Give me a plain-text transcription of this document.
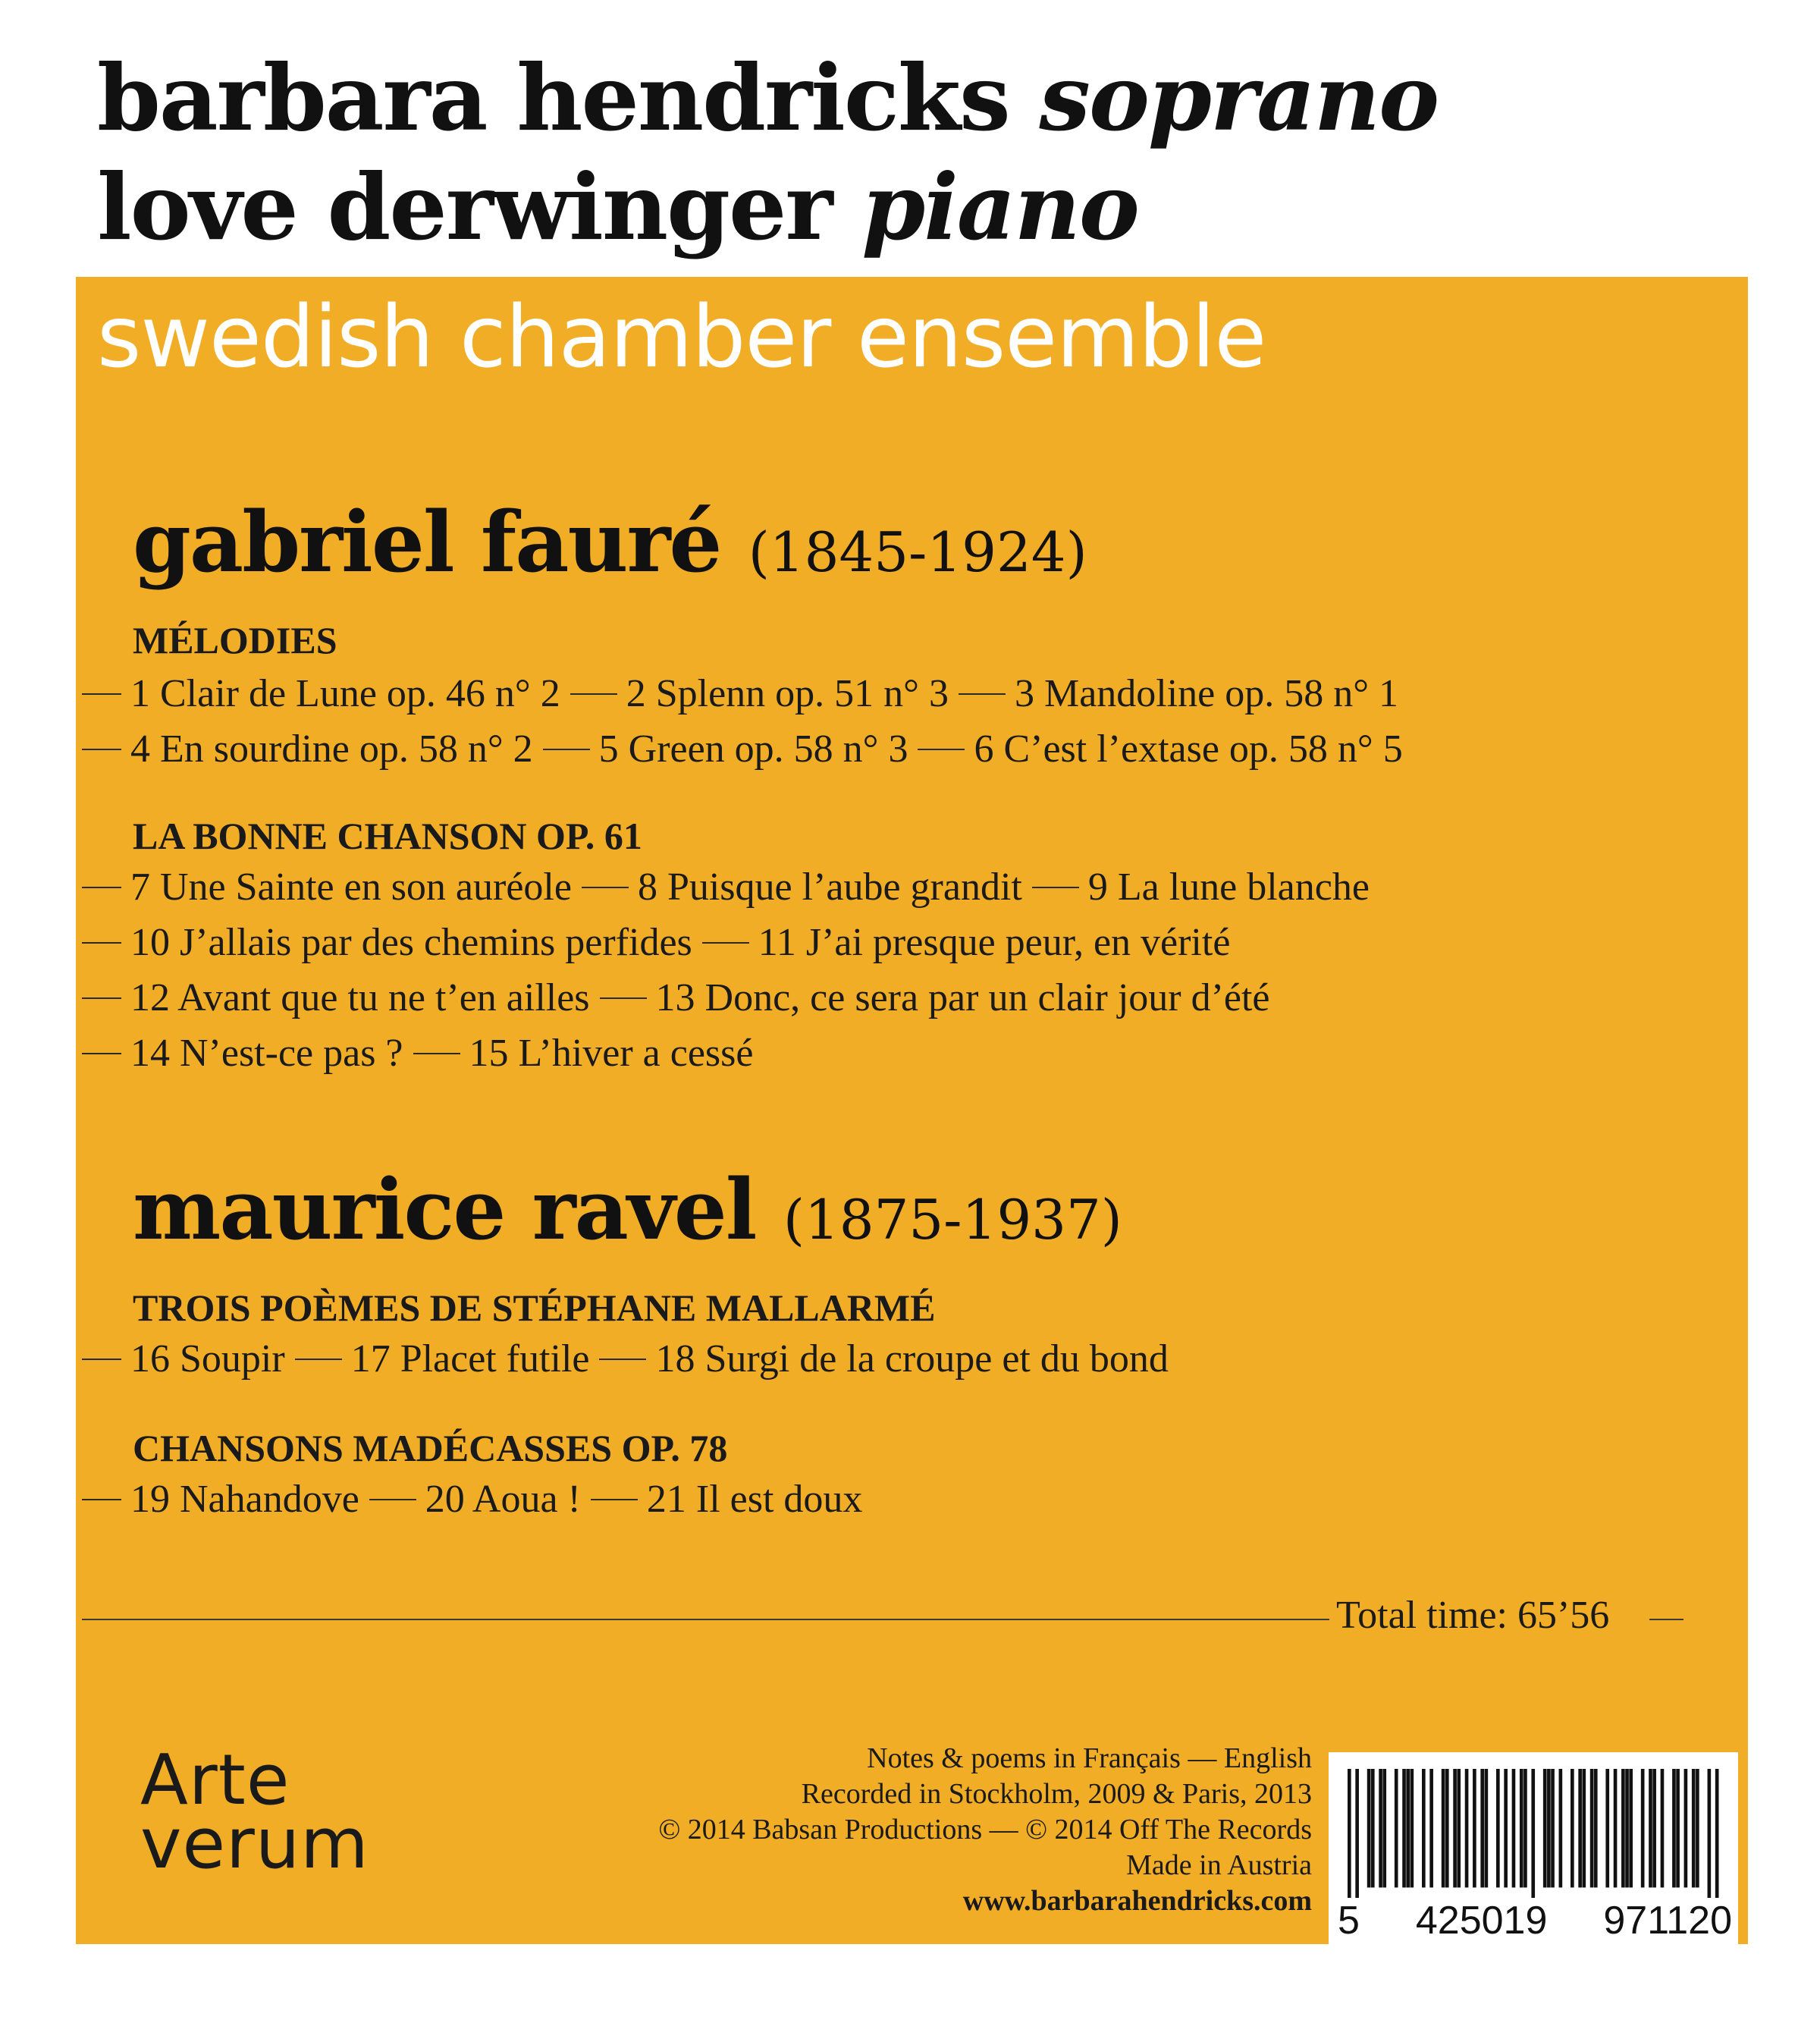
barbara hendricks soprano
love derwinger piano
swedish chamber ensemble
gabriel fauré (1845-1924)
MÉLODIES
1 Clair de Lune op. 46 n° 2 2 Splenn op. 51 n° 3 3 Mandoline op. 58 n° 1
4 En sourdine op. 58 n° 2 5 Green op. 58 n° 3 6 C’est l’extase op. 58 n° 5
LA BONNE CHANSON OP. 61
7 Une Sainte en son auréole 8 Puisque l’aube grandit 9 La lune blanche
10 J’allais par des chemins perfides 11 J’ai presque peur, en vérité
12 Avant que tu ne t’en ailles 13 Donc, ce sera par un clair jour d’été
14 N’est-ce pas ? 15 L’hiver a cessé
maurice ravel (1875-1937)
TROIS POÈMES DE STÉPHANE MALLARMÉ
16 Soupir 17 Placet futile 18 Surgi de la croupe et du bond
CHANSONS MADÉCASSES OP. 78
19 Nahandove 20 Aoua ! 21 Il est doux
Total time: 65’56
Arte
verum
Notes & poems in Français — English
Recorded in Stockholm, 2009 & Paris, 2013
© 2014 Babsan Productions — © 2014 Off The Records
Made in Austria
www.barbarahendricks.com 5 425019 971120
